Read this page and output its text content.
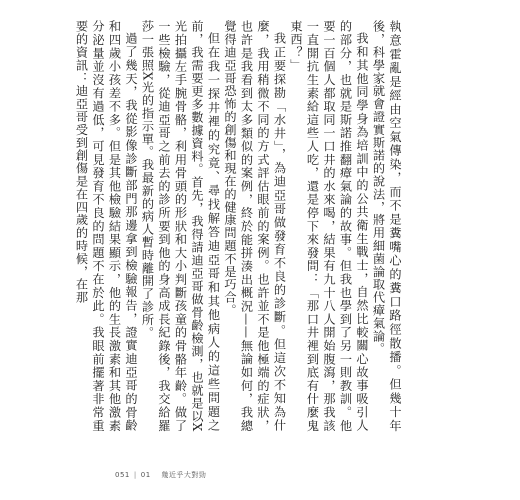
執意霍亂是經由空氣傳染，而不是糞嘴心的糞口路徑散播。但幾十年後，科學家就會證實斯諾的說法，將用細菌論取代瘴氣論。

我和其他同學身為培訓中的公共衛生戰士，自然比較關心故事吸引人的部分，也就是斯諾推翻瘴氣論的故事。但我也學到了另一則教訓。他要一百個人都取同一口井的水來喝，結果有九十八人開始腹瀉，那我該一直開抗生素給這些人吃，還是停下來發問：「那口井裡到底有什麼鬼東西？」

我正要探勘「水井」，為迪亞哥做發育不良的診斷。但這次不知為什麼，我用稍微不同的方式評估眼前的案例。也許並不是他極端的症狀，也許是我看到太多類似的案例，終於能拼湊出概況——無論如何，我總覺得迪亞哥恐怖的創傷和現在的健康問題不是巧合。

但在我一探井裡的究竟、尋找解答迪亞哥和其他病人的這些問題之前，我需要更多數據資料。首先，我得請迪亞哥做骨齡檢測，也就是以X光拍攝左手腕骨骼，利用骨頭的形狀和大小判斷孩童的骨骼年齡。做了一些檢驗，從迪亞哥之前去的診所要到他的身高成長紀錄後，我交給羅莎一張照X光的指示單。我最新的病人暫時離開了診所。

過了幾天，我從影像診斷部門那邊拿到檢驗報告，證實迪亞哥的骨齡和四歲小孩差不多。但是其他檢驗結果顯示，他的生長激素和其他激素分泌量並沒有過低，可見發育不良的問題不在於此。我眼前擺著非常重要的資訊：迪亞哥受到創傷是在四歲的時候，在那

051 | 01 幾近乎大對勁
